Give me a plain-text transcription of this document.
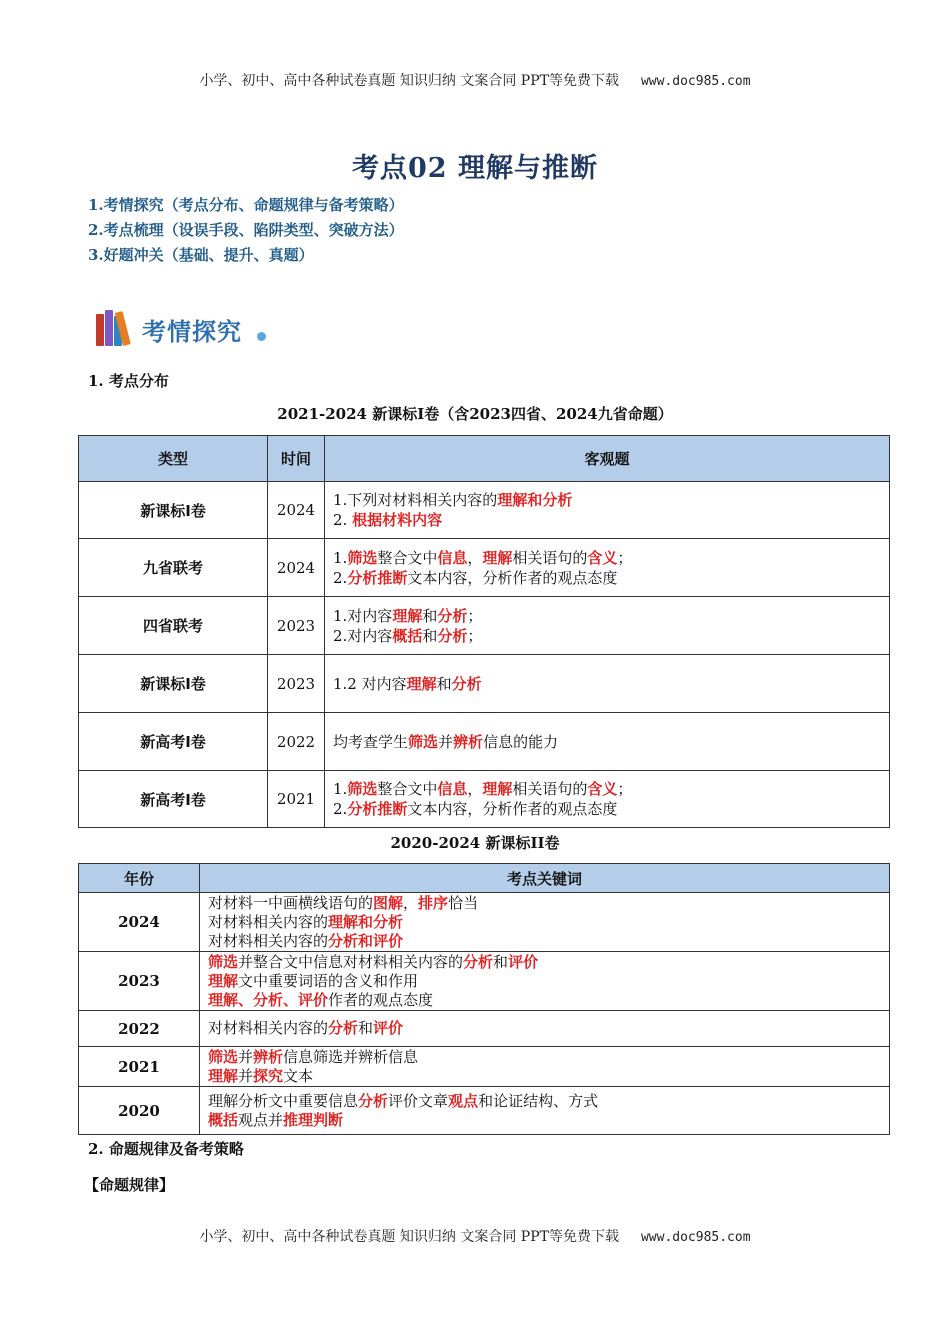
小学、初中、高中各种试卷真题 知识归纳 文案合同 PPT等免费下载 www.doc985.com
考点02 理解与推断
1.考情探究（考点分布、命题规律与备考策略）
2.考点梳理（设误手段、陷阱类型、突破方法）
3.好题冲关（基础、提升、真题）
考情探究
1. 考点分布
2021-2024 新课标Ⅰ卷（含2023四省、2024九省命题）
类型	时间	客观题
新课标Ⅰ卷	2024	1.下列对材料相关内容的理解和分析
2. 根据材料内容

九省联考	2024	1.筛选整合文中信息，理解相关语句的含义；
2.分析推断文本内容，分析作者的观点态度

四省联考	2023	1.对内容理解和分析；
2.对内容概括和分析；

新课标Ⅰ卷	2023	1.2 对内容理解和分析

新高考Ⅰ卷	2022	均考查学生筛选并辨析信息的能力

新高考Ⅰ卷	2021	1.筛选整合文中信息，理解相关语句的含义；
2.分析推断文本内容，分析作者的观点态度
2020-2024 新课标II卷
年份	考点关键词
2024	对材料一中画横线语句的图解，排序恰当
对材料相关内容的理解和分析
对材料相关内容的分析和评价

2023	筛选并整合文中信息对材料相关内容的分析和评价
理解文中重要词语的含义和作用
理解、分析、评价作者的观点态度

2022	对材料相关内容的分析和评价

2021	筛选并辨析信息筛选并辨析信息
理解并探究文本

2020	理解分析文中重要信息分析评价文章观点和论证结构、方式
概括观点并推理判断
2. 命题规律及备考策略
【命题规律】
小学、初中、高中各种试卷真题 知识归纳 文案合同 PPT等免费下载 www.doc985.com
